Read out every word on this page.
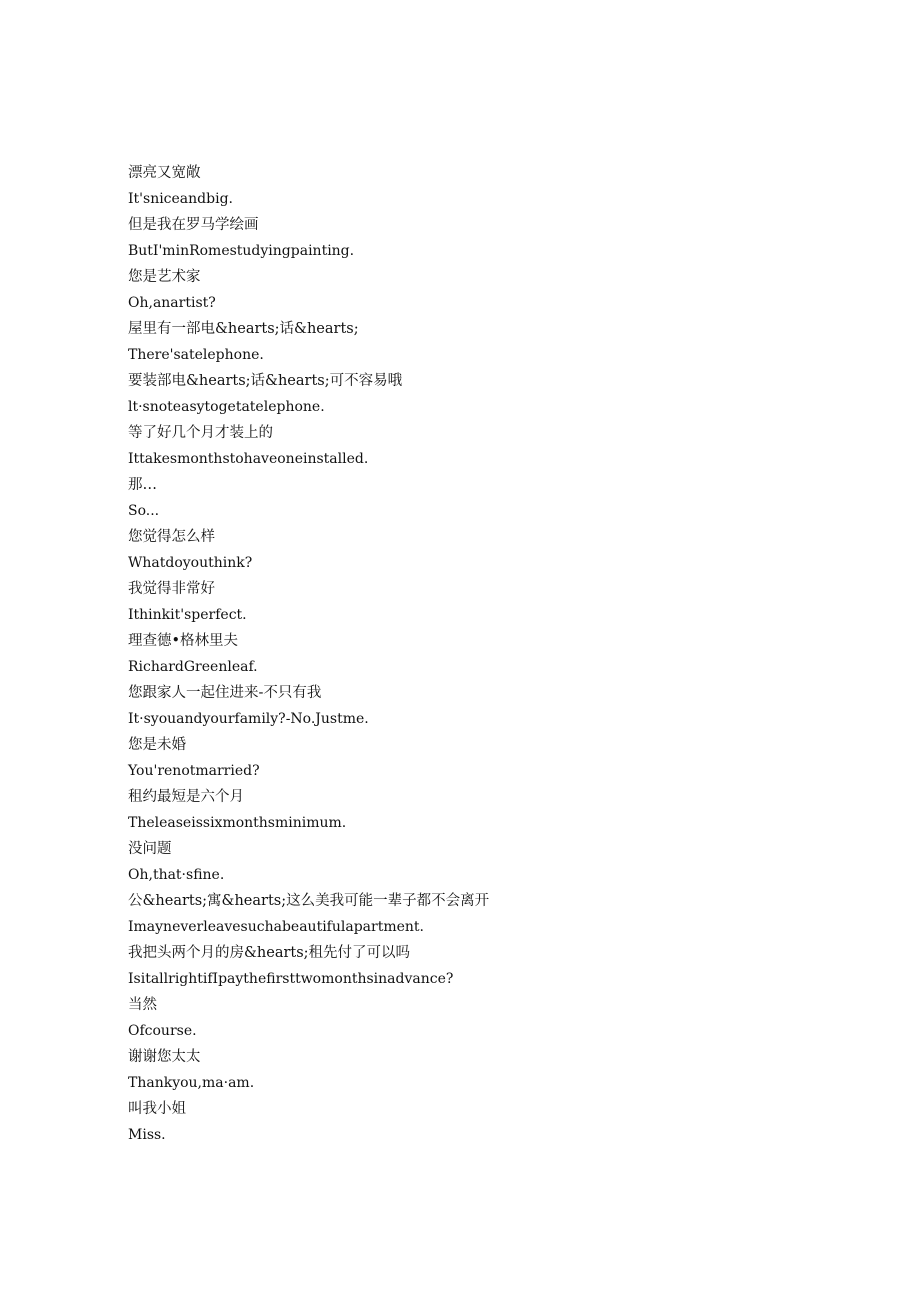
漂亮又宽敞
It'sniceandbig.
但是我在罗马学绘画
ButI'minRomestudyingpainting.
您是艺术家
Oh,anartist?
屋里有一部电&hearts;话&hearts;
There'satelephone.
要装部电&hearts;话&hearts;可不容易哦
lt·snoteasytogetatelephone.
等了好几个月才装上的
Ittakesmonthstohaveoneinstalled.
那…
So...
您觉得怎么样
Whatdoyouthink?
我觉得非常好
Ithinkit'sperfect.
理查德•格林里夫
RichardGreenleaf.
您跟家人一起住进来-不只有我
It·syouandyourfamily?-No.Justme.
您是未婚
You'renotmarried?
租约最短是六个月
Theleaseissixmonthsminimum.
没问题
Oh,that·sfine.
公&hearts;寓&hearts;这么美我可能一辈子都不会离开
Imayneverleavesuchabeautifulapartment.
我把头两个月的房&hearts;租先付了可以吗
IsitallrightifIpaythefirsttwomonthsinadvance?
当然
Ofcourse.
谢谢您太太
Thankyou,ma·am.
叫我小姐
Miss.
